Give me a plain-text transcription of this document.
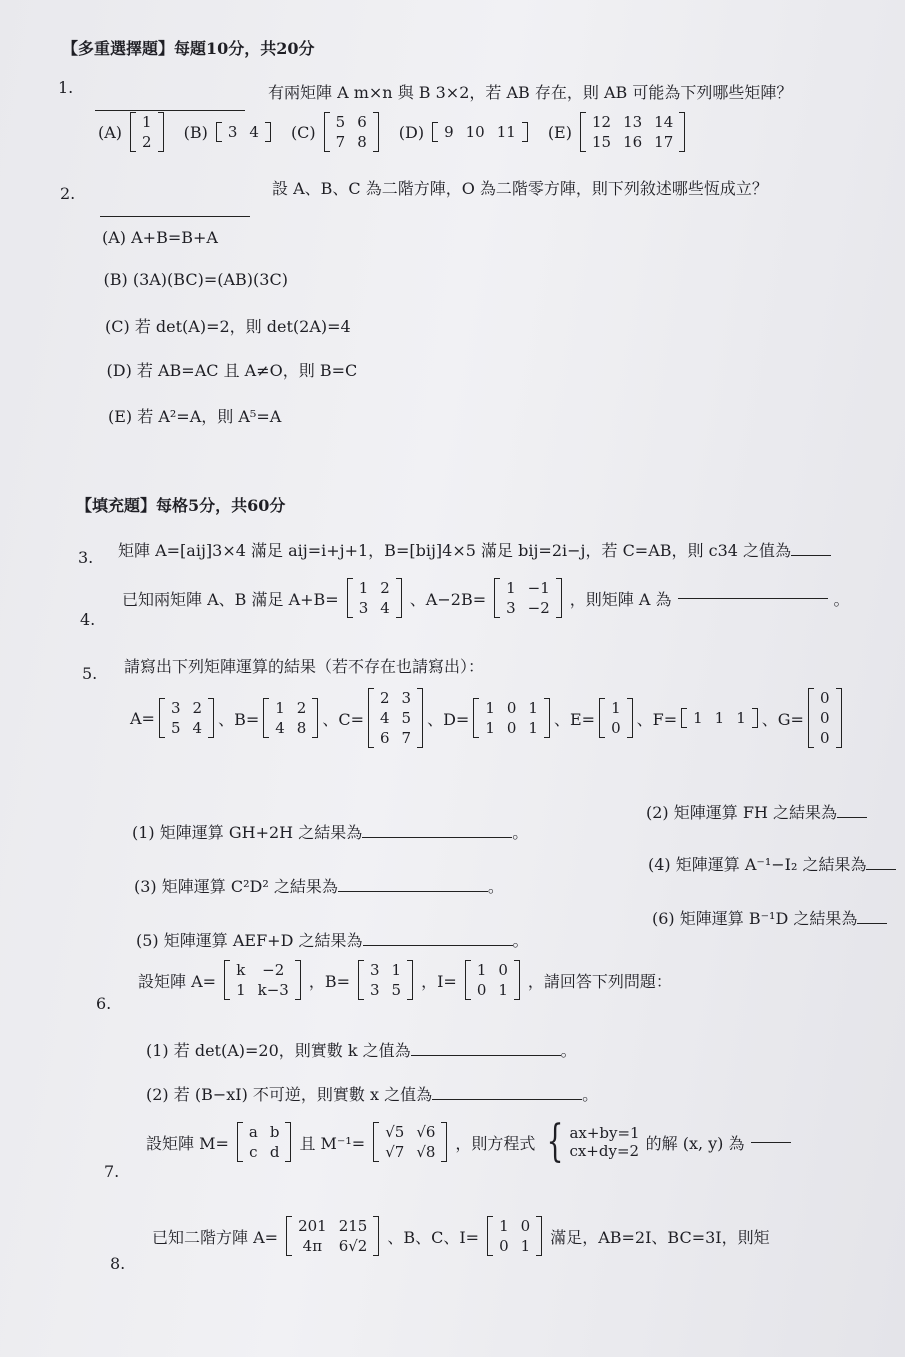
【多重選擇題】每題10分，共20分
1.	有兩矩陣 A m×n 與 B 3×2，若 AB 存在，則 AB 可能為下列哪些矩陣？
(A)
1
2
(B) 3	4 (C)
5	6
7	8
(D) 9	10	11 (E)
12	13	14
15	16	17
2.	設 A、B、C 為二階方陣，O 為二階零方陣，則下列敘述哪些恆成立？
(A) A+B=B+A
(B) (3A)(BC)=(AB)(3C)
(C) 若 det(A)=2，則 det(2A)=4
(D) 若 AB=AC 且 A≠O，則 B=C
(E) 若 A²=A，則 A⁵=A
【填充題】每格5分，共60分
3. 矩陣 A=[aij]3×4 滿足 aij=i+j+1，B=[bij]4×5 滿足 bij=2i−j，若 C=AB，則 c34 之值為
4.
已知兩矩陣 A、B 滿足 A+B=
1	2
3	4 、A−2B=
1	−1
3	−2 ，則矩陣 A 為	。
5. 請寫出下列矩陣運算的結果（若不存在也請寫出）：
A=
3	2
5	4 、B=
1	2
4	8 、C=
2	3
4	5
6	7
、D=
1	0	1
1	0	1 、E=
1
0 、F= 1	1	1 、G=
0
0
0
(1) 矩陣運算 GH+2H 之結果為	。
(2) 矩陣運算 FH 之結果為
(3) 矩陣運算 C²D² 之結果為	。
(4) 矩陣運算 A⁻¹−I₂ 之結果為
(5) 矩陣運算 AEF+D 之結果為	。
(6) 矩陣運算 B⁻¹D 之結果為
6.
設矩陣 A=
k	−2
1	k−3 ，B=
3	1
3	5 ，I=
1	0
0	1 ，請回答下列問題：
(1) 若 det(A)=20，則實數 k 之值為	。
(2) 若 (B−xI) 不可逆，則實數 x 之值為	。
7.
設矩陣 M=
a	b
c	d 且 M⁻¹=
√5	√6
√7	√8 ，則方程式 { ax+by=1
cx+dy=2 的解 (x, y) 為
8.
已知二階方陣 A=
201	215
4π	6√2 、B、C、I=
1	0
0	1 滿足，AB=2I、BC=3I，則矩
